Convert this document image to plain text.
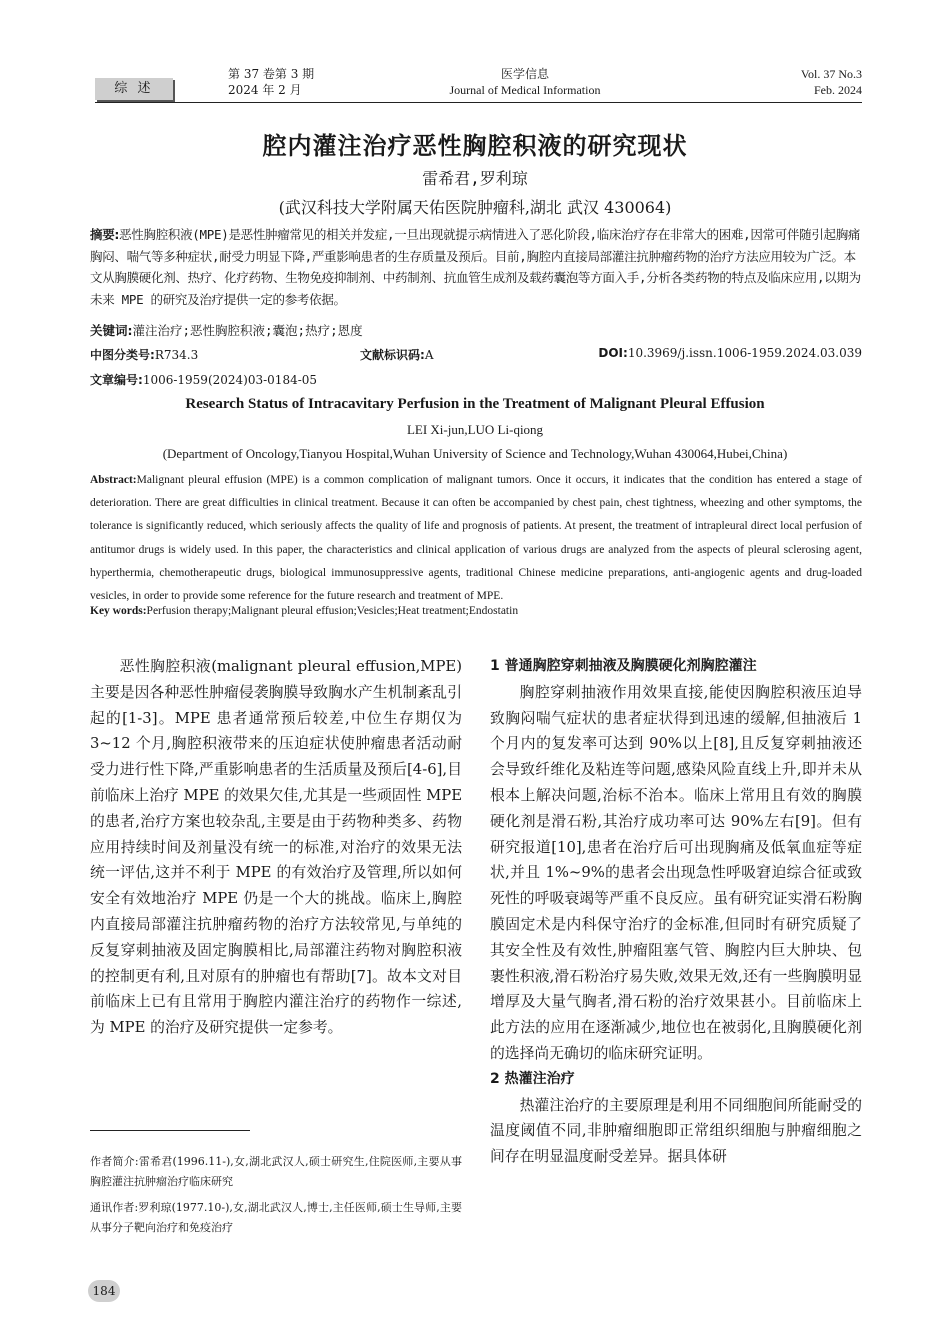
综 述
第 37 卷第 3 期
2024 年 2 月
医学信息
Journal of Medical Information
Vol. 37 No.3
Feb. 2024
腔内灌注治疗恶性胸腔积液的研究现状
雷希君,罗利琼
(武汉科技大学附属天佑医院肿瘤科,湖北 武汉 430064)
摘要:恶性胸腔积液(MPE)是恶性肿瘤常见的相关并发症,一旦出现就提示病情进入了恶化阶段,临床治疗存在非常大的困难,因常可伴随引起胸痛胸闷、喘气等多种症状,耐受力明显下降,严重影响患者的生存质量及预后。目前,胸腔内直接局部灌注抗肿瘤药物的治疗方法应用较为广泛。本文从胸膜硬化剂、热疗、化疗药物、生物免疫抑制剂、中药制剂、抗血管生成剂及载药囊泡等方面入手,分析各类药物的特点及临床应用,以期为未来 MPE 的研究及治疗提供一定的参考依据。
关键词:灌注治疗;恶性胸腔积液;囊泡;热疗;恩度
中图分类号:R734.3	文献标识码:A	DOI:10.3969/j.issn.1006-1959.2024.03.039
文章编号:1006-1959(2024)03-0184-05
Research Status of Intracavitary Perfusion in the Treatment of Malignant Pleural Effusion
LEI Xi-jun,LUO Li-qiong
(Department of Oncology,Tianyou Hospital,Wuhan University of Science and Technology,Wuhan 430064,Hubei,China)
Abstract:Malignant pleural effusion (MPE) is a common complication of malignant tumors. Once it occurs, it indicates that the condition has entered a stage of deterioration. There are great difficulties in clinical treatment. Because it can often be accompanied by chest pain, chest tightness, wheezing and other symptoms, the tolerance is significantly reduced, which seriously affects the quality of life and prognosis of patients. At present, the treatment of intrapleural direct local perfusion of antitumor drugs is widely used. In this paper, the characteristics and clinical application of various drugs are analyzed from the aspects of pleural sclerosing agent, hyperthermia, chemotherapeutic drugs, biological immunosuppressive agents, traditional Chinese medicine preparations, anti-angiogenic agents and drug-loaded vesicles, in order to provide some reference for the future research and treatment of MPE.
Key words:Perfusion therapy;Malignant pleural effusion;Vesicles;Heat treatment;Endostatin

恶性胸腔积液(malignant pleural effusion,MPE)主要是因各种恶性肿瘤侵袭胸膜导致胸水产生机制紊乱引起的[1-3]。MPE 患者通常预后较差,中位生存期仅为 3~12 个月,胸腔积液带来的压迫症状使肿瘤患者活动耐受力进行性下降,严重影响患者的生活质量及预后[4-6],目前临床上治疗 MPE 的效果欠佳,尤其是一些顽固性 MPE 的患者,治疗方案也较杂乱,主要是由于药物种类多、药物应用持续时间及剂量没有统一的标准,对治疗的效果无法统一评估,这并不利于 MPE 的有效治疗及管理,所以如何安全有效地治疗 MPE 仍是一个大的挑战。临床上,胸腔内直接局部灌注抗肿瘤药物的治疗方法较常见,与单纯的反复穿刺抽液及固定胸膜相比,局部灌注药物对胸腔积液的控制更有利,且对原有的肿瘤也有帮助[7]。故本文对目前临床上已有且常用于胸腔内灌注治疗的药物作一综述,为 MPE 的治疗及研究提供一定参考。

1 普通胸腔穿刺抽液及胸膜硬化剂胸腔灌注

胸腔穿刺抽液作用效果直接,能使因胸腔积液压迫导致胸闷喘气症状的患者症状得到迅速的缓解,但抽液后 1 个月内的复发率可达到 90%以上[8],且反复穿刺抽液还会导致纤维化及粘连等问题,感染风险直线上升,即并未从根本上解决问题,治标不治本。临床上常用且有效的胸膜硬化剂是滑石粉,其治疗成功率可达 90%左右[9]。但有研究报道[10],患者在治疗后可出现胸痛及低氧血症等症状,并且 1%~9%的患者会出现急性呼吸窘迫综合征或致死性的呼吸衰竭等严重不良反应。虽有研究证实滑石粉胸膜固定术是内科保守治疗的金标准,但同时有研究质疑了其安全性及有效性,肿瘤阻塞气管、胸腔内巨大肿块、包裹性积液,滑石粉治疗易失败,效果无效,还有一些胸膜明显增厚及大量气胸者,滑石粉的治疗效果甚小。目前临床上此方法的应用在逐渐减少,地位也在被弱化,且胸膜硬化剂的选择尚无确切的临床研究证明。

2 热灌注治疗

热灌注治疗的主要原理是利用不同细胞间所能耐受的温度阈值不同,非肿瘤细胞即正常组织细胞与肿瘤细胞之间存在明显温度耐受差异。据具体研

作者简介:雷希君(1996.11-),女,湖北武汉人,硕士研究生,住院医师,主要从事胸腔灌注抗肿瘤治疗临床研究
通讯作者:罗利琼(1977.10-),女,湖北武汉人,博士,主任医师,硕士生导师,主要从事分子靶向治疗和免疫治疗
184
